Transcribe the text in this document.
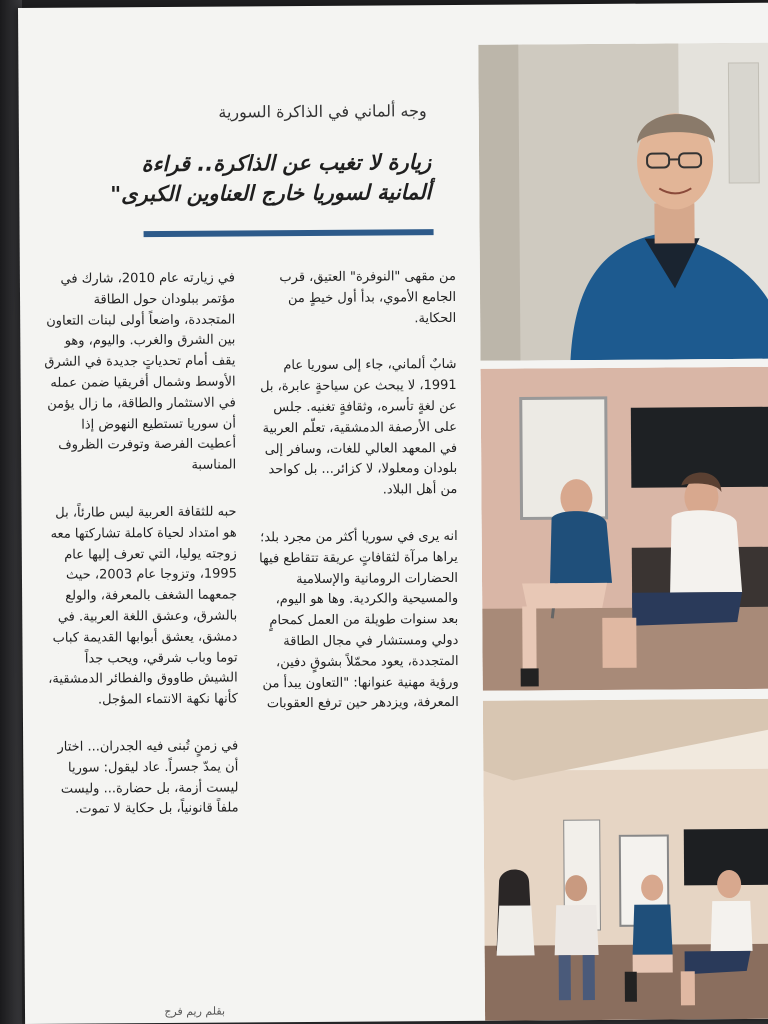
وجه ألماني في الذاكرة السورية
زيارة لا تغيب عن الذاكرة.. قراءة
ألمانية لسوريا خارج العناوين الكبرى"

من مقهى "النوفرة" العتيق، قرب الجامع الأموي، بدأ أول خيطٍ من الحكاية.

شابٌ ألماني، جاء إلى سوريا عام 1991، لا يبحث عن سياحةٍ عابرة، بل عن لغةٍ تأسره، وثقافةٍ تغنيه. جلس على الأرصفة الدمشقية، تعلّم العربية في المعهد العالي للغات، وسافر إلى بلودان ومعلولا، لا كزائر... بل كواحد من أهل البلاد.

انه يرى في سوريا أكثر من مجرد بلد؛ يراها مرآة لثقافاتٍ عريقة تتقاطع فيها الحضارات الرومانية والإسلامية والمسيحية والكردية. وها هو اليوم، بعد سنوات طويلة من العمل كمحامٍ دولي ومستشار في مجال الطاقة المتجددة، يعود محمّلاً بشوقٍ دفين، ورؤية مهنية عنوانها: "التعاون يبدأ من المعرفة، ويزدهر حين ترفع العقوبات

في زيارته عام 2010، شارك في مؤتمر ببلودان حول الطاقة المتجددة، واضعاً أولى لبنات التعاون بين الشرق والغرب. واليوم، وهو يقف أمام تحدياتٍ جديدة في الشرق الأوسط وشمال أفريقيا ضمن عمله في الاستثمار والطاقة، ما زال يؤمن أن سوريا تستطيع النهوض إذا أعطيت الفرصة وتوفرت الظروف المناسبة

حبه للثقافة العربية ليس طارئاً، بل هو امتداد لحياة كاملة تشاركتها معه زوجته يوليا، التي تعرف إليها عام 1995، وتزوجا عام 2003، حيث جمعهما الشغف بالمعرفة، والولع بالشرق، وعشق اللغة العربية. في دمشق، يعشق أبوابها القديمة كباب توما وباب شرقي، ويحب جداً الشيش طاووق والفطائر الدمشقية، كأنها نكهة الانتماء المؤجل.

في زمنٍ تُبنى فيه الجدران... اختار أن يمدّ جسراً. عاد ليقول: سوريا ليست أزمة، بل حضارة... وليست ملفاً قانونياً، بل حكاية لا تموت.

بقلم ريم فرج
